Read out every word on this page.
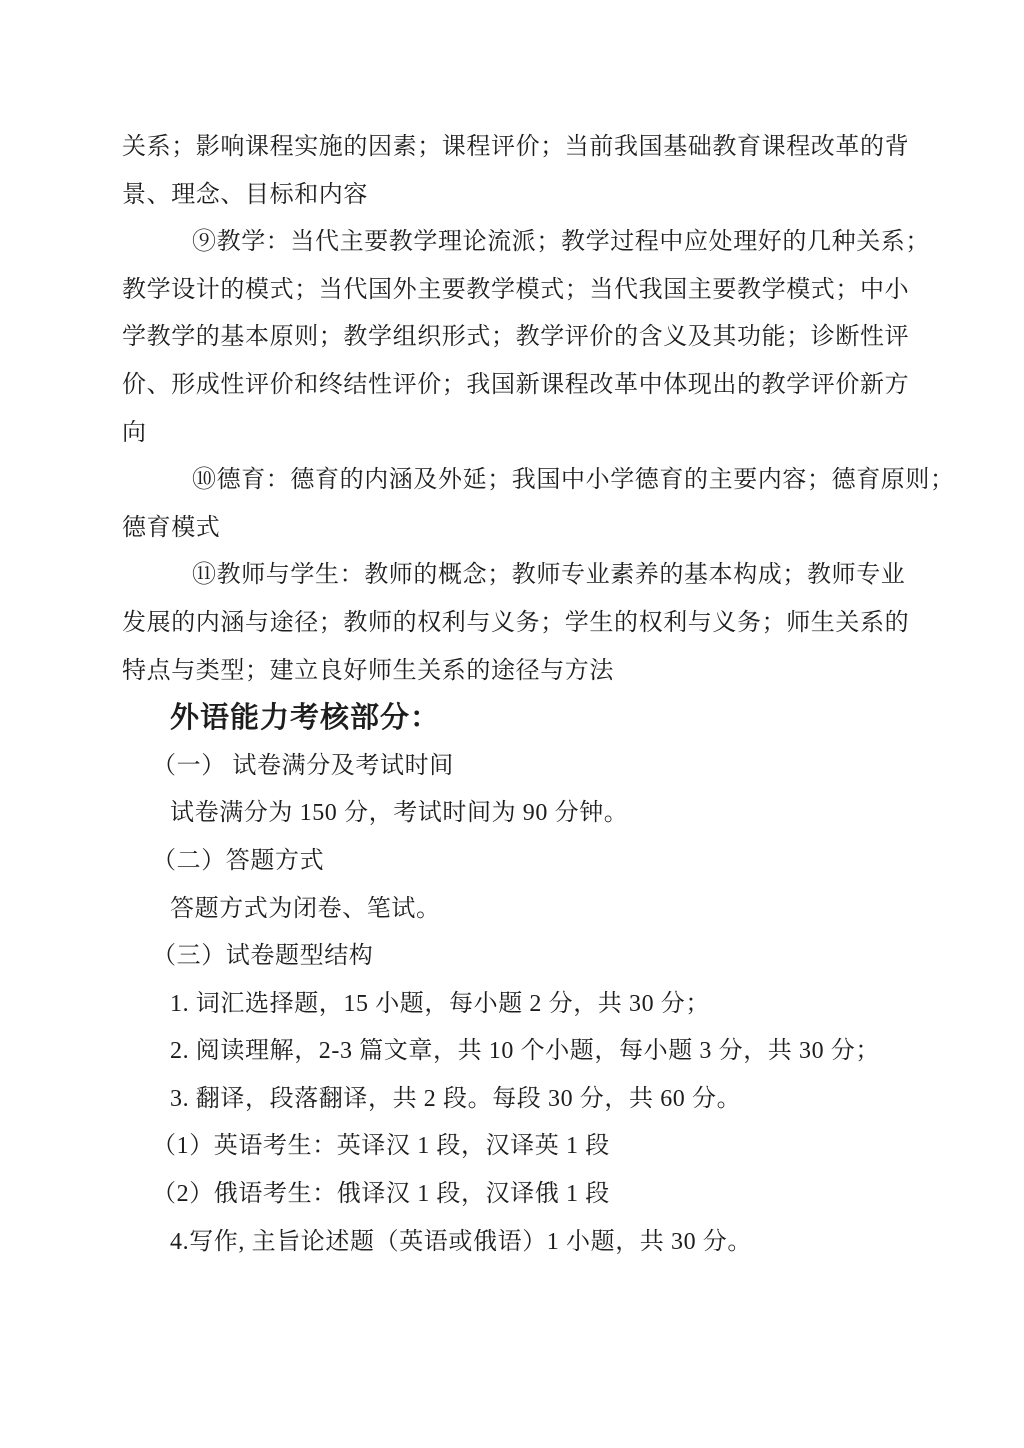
关系；影响课程实施的因素；课程评价；当前我国基础教育课程改革的背
景、理念、目标和内容
⑨教学：当代主要教学理论流派；教学过程中应处理好的几种关系；
教学设计的模式；当代国外主要教学模式；当代我国主要教学模式；中小
学教学的基本原则；教学组织形式；教学评价的含义及其功能；诊断性评
价、形成性评价和终结性评价；我国新课程改革中体现出的教学评价新方
向
⑩德育：德育的内涵及外延；我国中小学德育的主要内容；德育原则；
德育模式
⑪教师与学生：教师的概念；教师专业素养的基本构成；教师专业
发展的内涵与途径；教师的权利与义务；学生的权利与义务；师生关系的
特点与类型；建立良好师生关系的途径与方法
外语能力考核部分：
（一） 试卷满分及考试时间
试卷满分为 150 分，考试时间为 90 分钟。
（二）答题方式
答题方式为闭卷、笔试。
（三）试卷题型结构
1. 词汇选择题，15 小题，每小题 2 分，共 30 分；
2. 阅读理解，2-3 篇文章，共 10 个小题，每小题 3 分，共 30 分；
3. 翻译，段落翻译，共 2 段。每段 30 分，共 60 分。
（1）英语考生：英译汉 1 段，汉译英 1 段
（2）俄语考生：俄译汉 1 段，汉译俄 1 段
4.写作, 主旨论述题（英语或俄语）1 小题，共 30 分。
